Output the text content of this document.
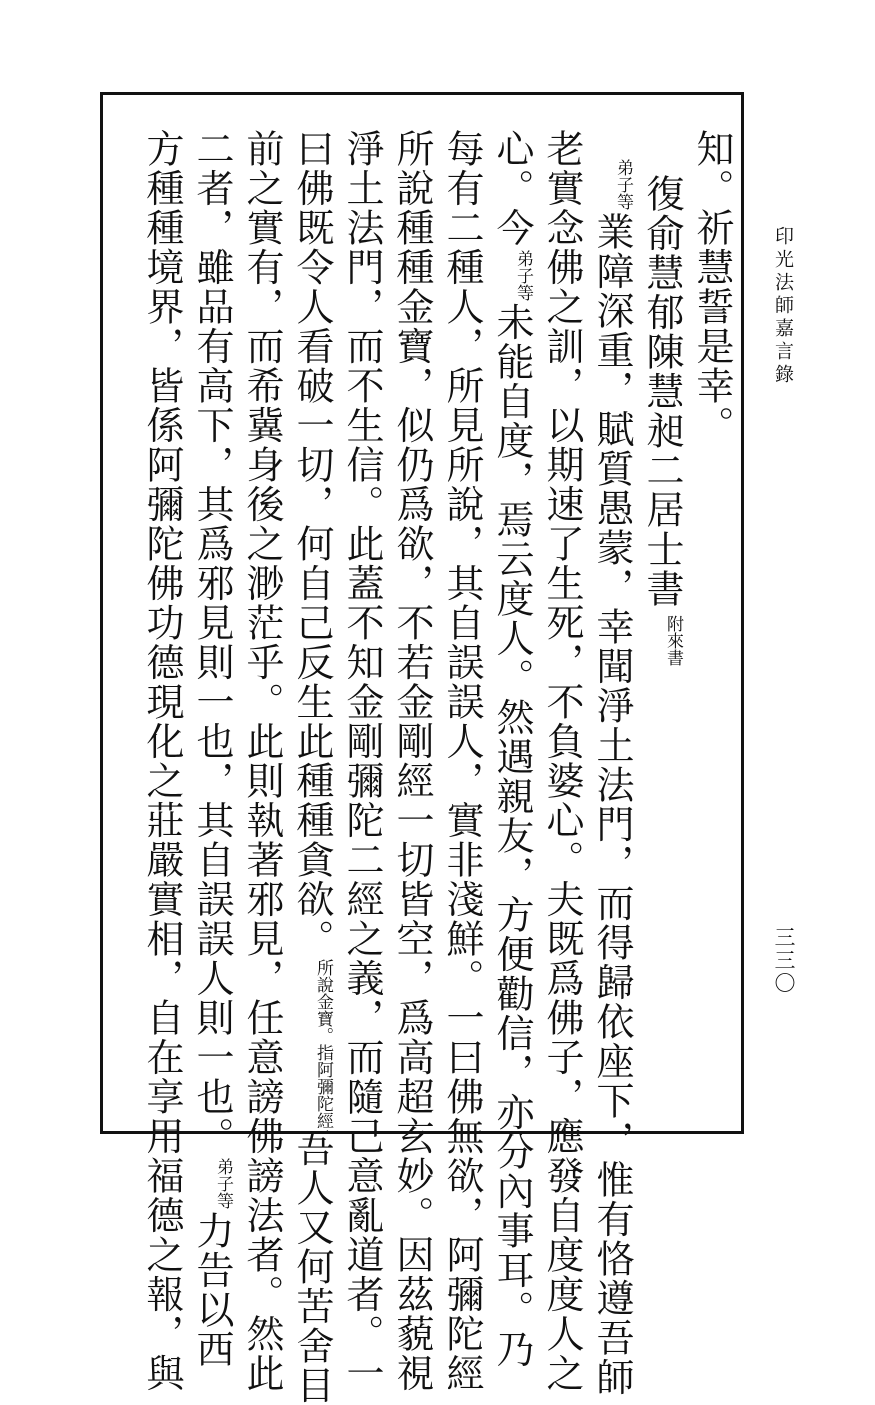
印光法師嘉言錄
三三〇
知。祈慧誓是幸。
復俞慧郁陳慧昶二居士書附來書
弟子等業障深重，賦質愚蒙，幸聞淨土法門，而得歸依座下，惟有恪遵吾師
老實念佛之訓，以期速了生死，不負婆心。夫既爲佛子，應發自度度人之
心。今弟子等未能自度，焉云度人。然遇親友，方便勸信，亦分內事耳。乃
每有二種人，所見所說，其自誤誤人，實非淺鮮。一曰佛無欲，阿彌陀經
所說種種金寶，似仍爲欲，不若金剛經一切皆空，爲高超玄妙。因茲藐視
淨土法門，而不生信。此蓋不知金剛彌陀二經之義，而隨己意亂道者。一
曰佛既令人看破一切，何自己反生此種種貪欲。
指阿彌陀經
所說金寶。
吾人又何苦舍目
前之實有，而希冀身後之渺茫乎。此則執著邪見，任意謗佛謗法者。然此
二者，雖品有高下，其爲邪見則一也，其自誤誤人則一也。弟子等力告以西
方種種境界，皆係阿彌陀佛功德現化之莊嚴實相，自在享用福德之報，與
